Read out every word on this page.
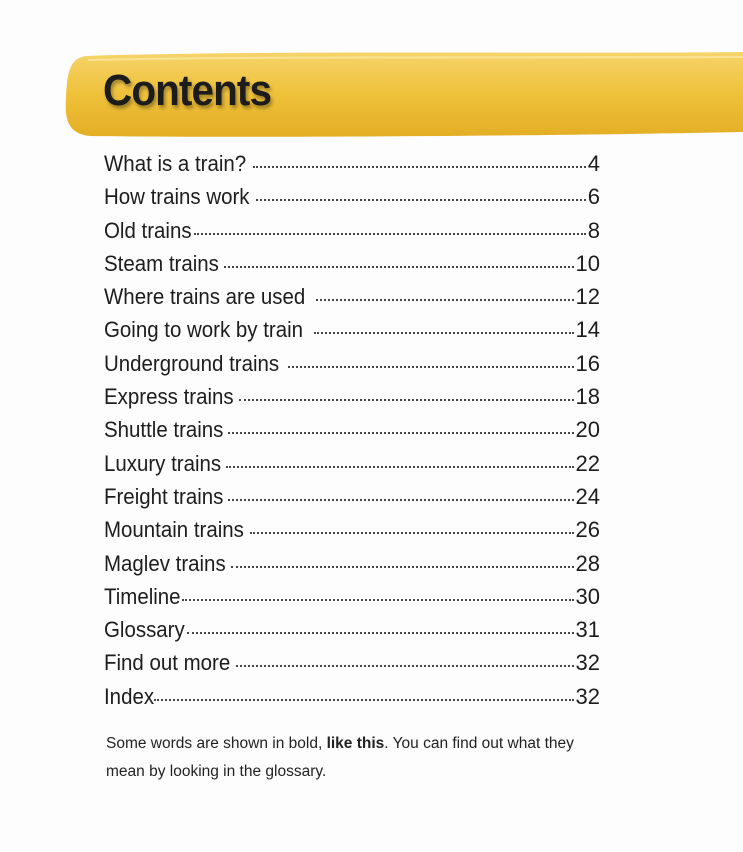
Contents
What is a train?	4
How trains work	6
Old trains	8
Steam trains	10
Where trains are used	12
Going to work by train	14
Underground trains	16
Express trains	18
Shuttle trains	20
Luxury trains	22
Freight trains	24
Mountain trains	26
Maglev trains	28
Timeline	30
Glossary	31
Find out more	32
Index	32

Some words are shown in bold, like this. You can find out what they mean by looking in the glossary.
